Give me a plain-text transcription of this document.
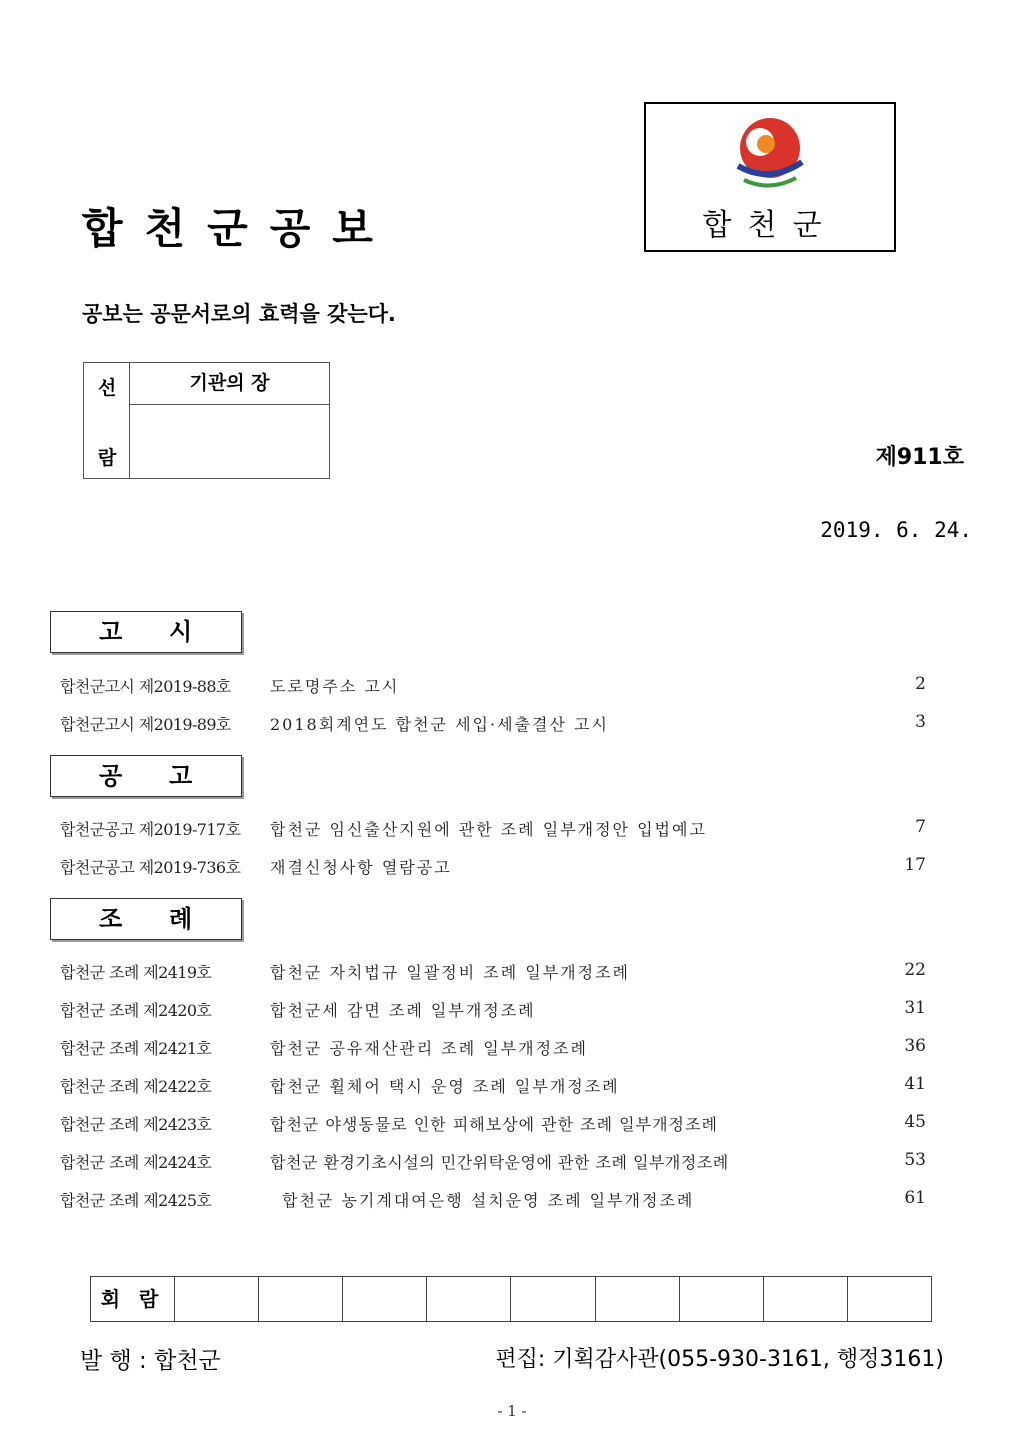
합천군공보	합천군
공보는 공문서로의 효력을 갖는다.
선
람
기관의 장
제911호
2019. 6. 24.
고 시
합천군고시 제2019-88호 도로명주소 고시	2
합천군고시 제2019-89호 2018회계연도 합천군 세입·세출결산 고시	3
공 고
합천군공고 제2019-717호 합천군 임신출산지원에 관한 조례 일부개정안 입법예고	7
합천군공고 제2019-736호 재결신청사항 열람공고	17
조 례
합천군 조례 제2419호	합천군 자치법규 일괄정비 조례 일부개정조례	22
합천군 조례 제2420호	합천군세 감면 조례 일부개정조례	31
합천군 조례 제2421호	합천군 공유재산관리 조례 일부개정조례	36
합천군 조례 제2422호	합천군 휠체어 택시 운영 조례 일부개정조례	41
합천군 조례 제2423호	합천군 야생동물로 인한 피해보상에 관한 조례 일부개정조례	45
합천군 조례 제2424호	합천군 환경기초시설의 민간위탁운영에 관한 조례 일부개정조례	53
합천군 조례 제2425호	합천군 농기계대여은행 설치운영 조례 일부개정조례	61
회 람
발 행 : 합천군	편집: 기획감사관(055-930-3161, 행정3161)
- 1 -
